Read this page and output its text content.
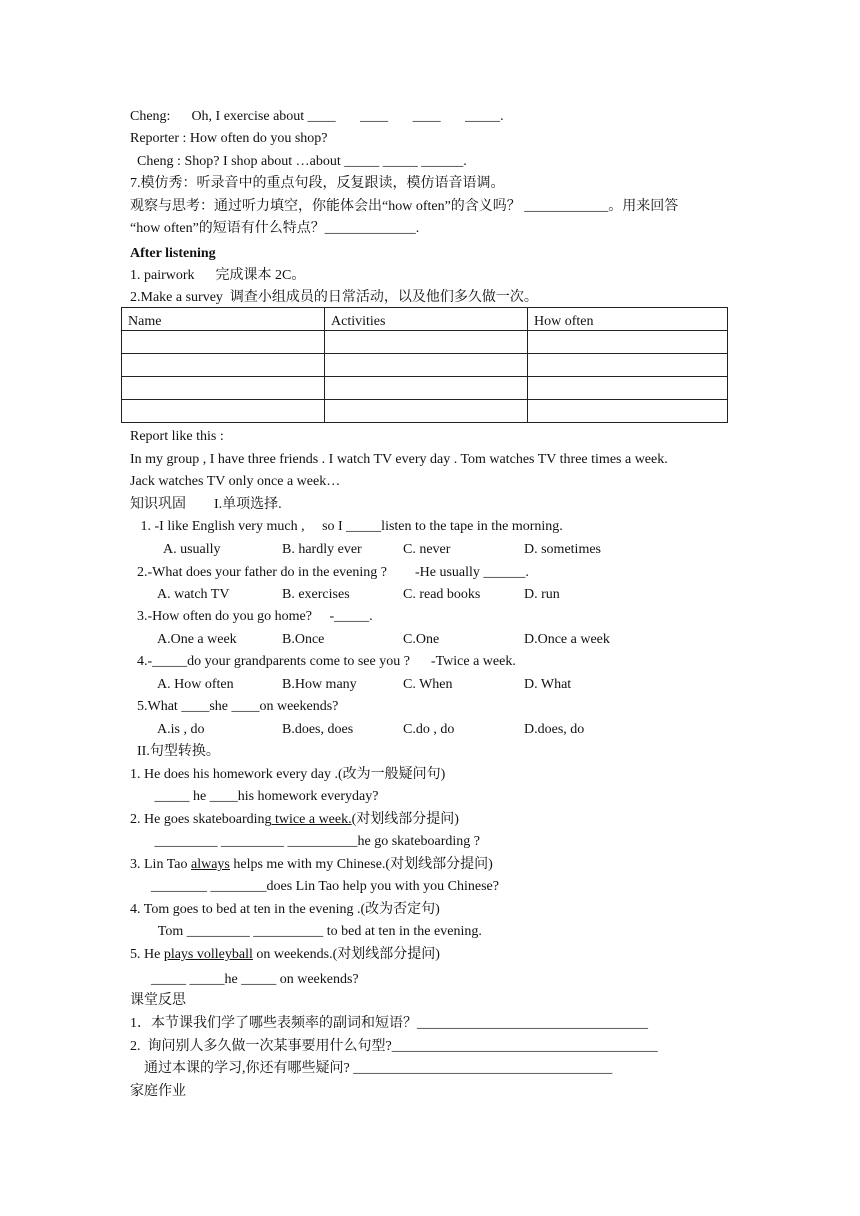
Cheng:      Oh, I exercise about ____       ____       ____       _____.
Reporter : How often do you shop?
Cheng : Shop? I shop about …about _____ _____ ______.
7.模仿秀：听录音中的重点句段，反复跟读，模仿语音语调。
观察与思考：通过听力填空，你能体会出“how often”的含义吗？ ____________。用来回答
“how often”的短语有什么特点？_____________.
After listening
1. pairwork      完成课本 2C。
2.Make a survey  调查小组成员的日常活动，以及他们多久做一次。
Name	Activities	How often

Report like this :
In my group , I have three friends . I watch TV every day . Tom watches TV three times a week.
Jack watches TV only once a week…
知识巩固        I.单项选择.
1. -I like English very much ,     so I _____listen to the tape in the morning.
A. usually	B. hardly ever	C. never	D. sometimes
2.-What does your father do in the evening ?        -He usually ______.
A. watch TV	B. exercises	C. read books	D. run
3.-How often do you go home?     -_____.
A.One a week	B.Once	C.One	D.Once a week
4.-_____do your grandparents come to see you ?      -Twice a week.
A. How often	B.How many	C. When	D. What
5.What ____she ____on weekends?
A.is , do	B.does, does	C.do , do	D.does, do
II.句型转换。
1. He does his homework every day .(改为一般疑问句)
_____ he ____his homework everyday?
2. He goes skateboarding twice a week.(对划线部分提问)
_________ _________ __________he go skateboarding ?
3. Lin Tao always helps me with my Chinese.(对划线部分提问)
________ ________does Lin Tao help you with you Chinese?
4. Tom goes to bed at ten in the evening .(改为否定句)
Tom _________ __________ to bed at ten in the evening.
5. He plays volleyball on weekends.(对划线部分提问)
_____ _____he _____ on weekends?
课堂反思
1．本节课我们学了哪些表频率的副词和短语？_________________________________
2.  询问别人多久做一次某事要用什么句型?______________________________________
通过本课的学习,你还有哪些疑问? _____________________________________
家庭作业
